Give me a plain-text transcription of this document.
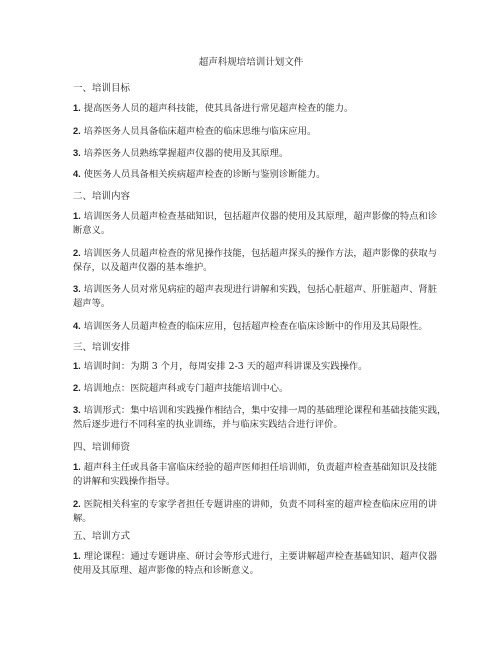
超声科规培培训计划文件
一、培训目标
1. 提高医务人员的超声科技能，使其具备进行常见超声检查的能力。
2. 培养医务人员具备临床超声检查的临床思维与临床应用。
3. 培养医务人员熟练掌握超声仪器的使用及其原理。
4. 使医务人员具备相关疾病超声检查的诊断与鉴别诊断能力。
二、培训内容
1. 培训医务人员超声检查基础知识，包括超声仪器的使用及其原理，超声影像的特点和诊
断意义。
2. 培训医务人员超声检查的常见操作技能，包括超声探头的操作方法，超声影像的获取与
保存，以及超声仪器的基本维护。
3. 培训医务人员对常见病症的超声表现进行讲解和实践，包括心脏超声、肝脏超声、肾脏
超声等。
4. 培训医务人员超声检查的临床应用，包括超声检查在临床诊断中的作用及其局限性。
三、培训安排
1. 培训时间：为期 3 个月，每周安排 2-3 天的超声科讲课及实践操作。
2. 培训地点：医院超声科或专门超声技能培训中心。
3. 培训形式：集中培训和实践操作相结合，集中安排一周的基础理论课程和基础技能实践，
然后逐步进行不同科室的执业训练，并与临床实践结合进行评价。
四、培训师资
1. 超声科主任或具备丰富临床经验的超声医师担任培训师，负责超声检查基础知识及技能
的讲解和实践操作指导。
2. 医院相关科室的专家学者担任专题讲座的讲师，负责不同科室的超声检查临床应用的讲
解。
五、培训方式
1. 理论课程：通过专题讲座、研讨会等形式进行，主要讲解超声检查基础知识、超声仪器
使用及其原理、超声影像的特点和诊断意义。
